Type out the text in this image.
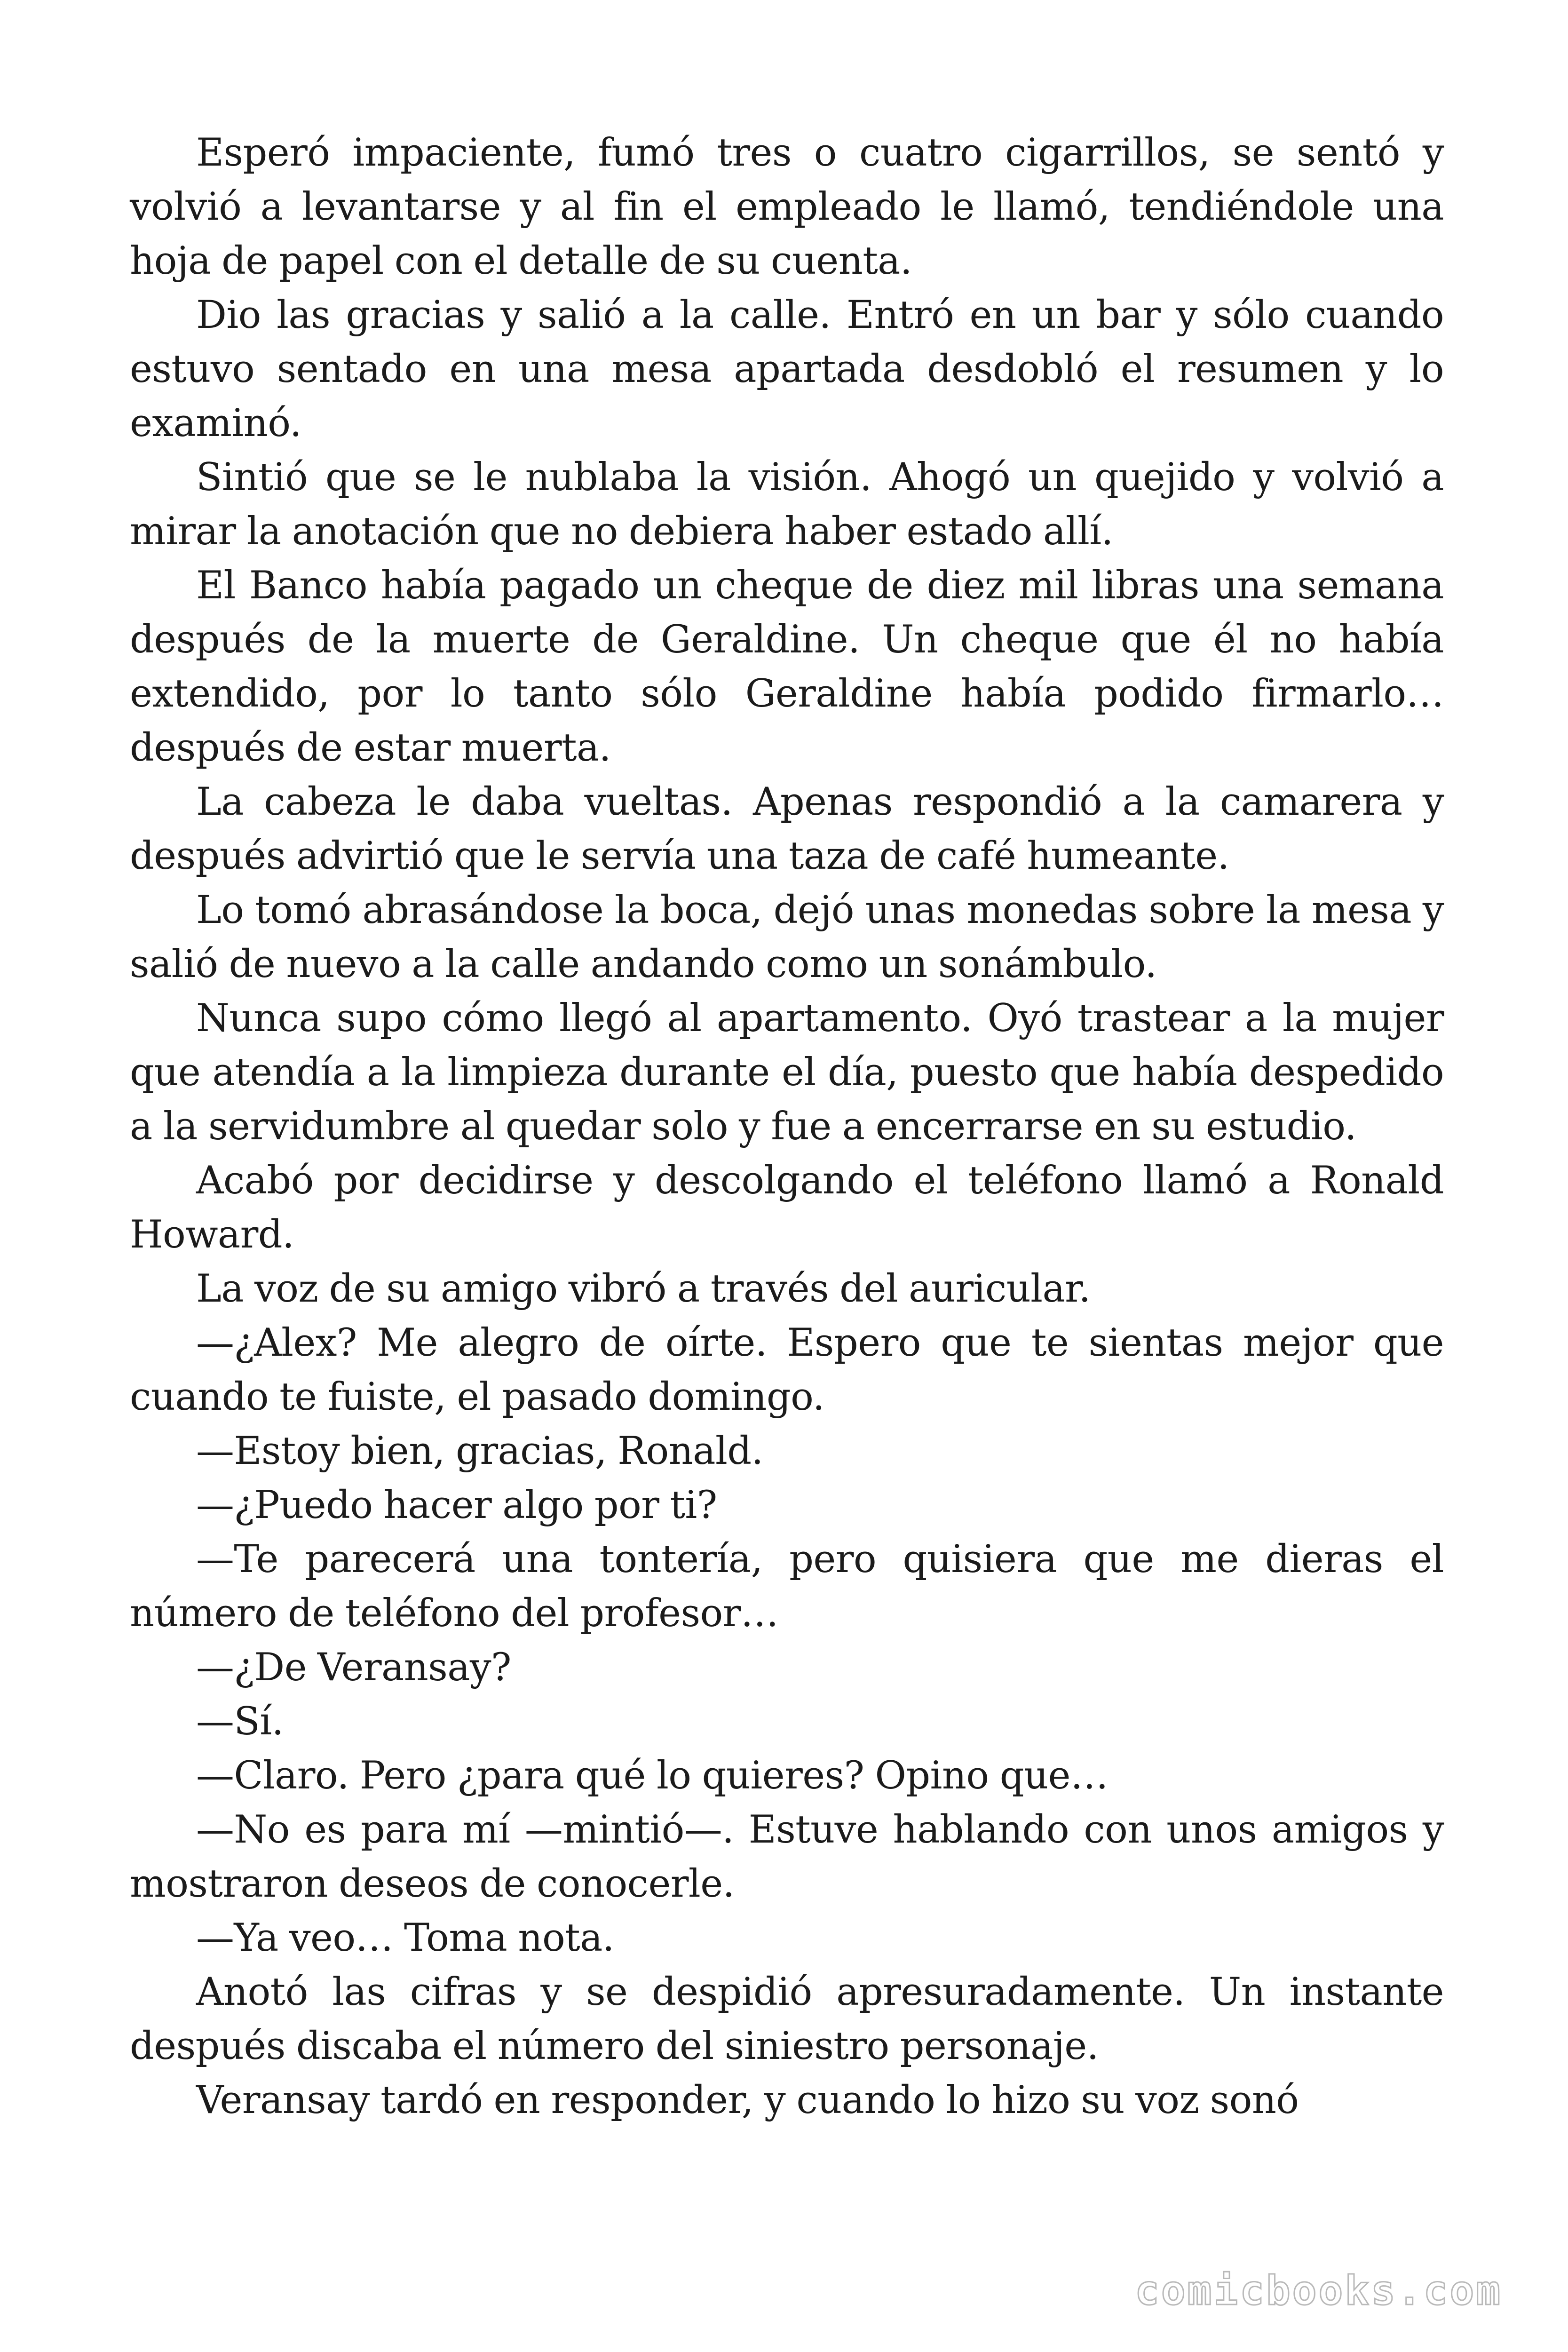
Esperó impaciente, fumó tres o cuatro cigarrillos, se sentó y volvió a levantarse y al fin el empleado le llamó, tendiéndole una hoja de papel con el detalle de su cuenta.

Dio las gracias y salió a la calle. Entró en un bar y sólo cuando estuvo sentado en una mesa apartada desdobló el resumen y lo examinó.

Sintió que se le nublaba la visión. Ahogó un quejido y volvió a mirar la anotación que no debiera haber estado allí.

El Banco había pagado un cheque de diez mil libras una semana después de la muerte de Geraldine. Un cheque que él no había extendido, por lo tanto sólo Geraldine había podido firmarlo… después de estar muerta.

La cabeza le daba vueltas. Apenas respondió a la camarera y después advirtió que le servía una taza de café humeante.

Lo tomó abrasándose la boca, dejó unas monedas sobre la mesa y salió de nuevo a la calle andando como un sonámbulo.

Nunca supo cómo llegó al apartamento. Oyó trastear a la mujer que atendía a la limpieza durante el día, puesto que había despedido a la servidumbre al quedar solo y fue a encerrarse en su estudio.

Acabó por decidirse y descolgando el teléfono llamó a Ronald Howard.

La voz de su amigo vibró a través del auricular.

—¿Alex? Me alegro de oírte. Espero que te sientas mejor que cuando te fuiste, el pasado domingo.

—Estoy bien, gracias, Ronald.

—¿Puedo hacer algo por ti?

—Te parecerá una tontería, pero quisiera que me dieras el número de teléfono del profesor…

—¿De Veransay?

—Sí.

—Claro. Pero ¿para qué lo quieres? Opino que…

—No es para mí —mintió—. Estuve hablando con unos amigos y mostraron deseos de conocerle.

—Ya veo… Toma nota.

Anotó las cifras y se despidió apresuradamente. Un instante después discaba el número del siniestro personaje.

Veransay tardó en responder, y cuando lo hizo su voz sonó

comicbooks.com
